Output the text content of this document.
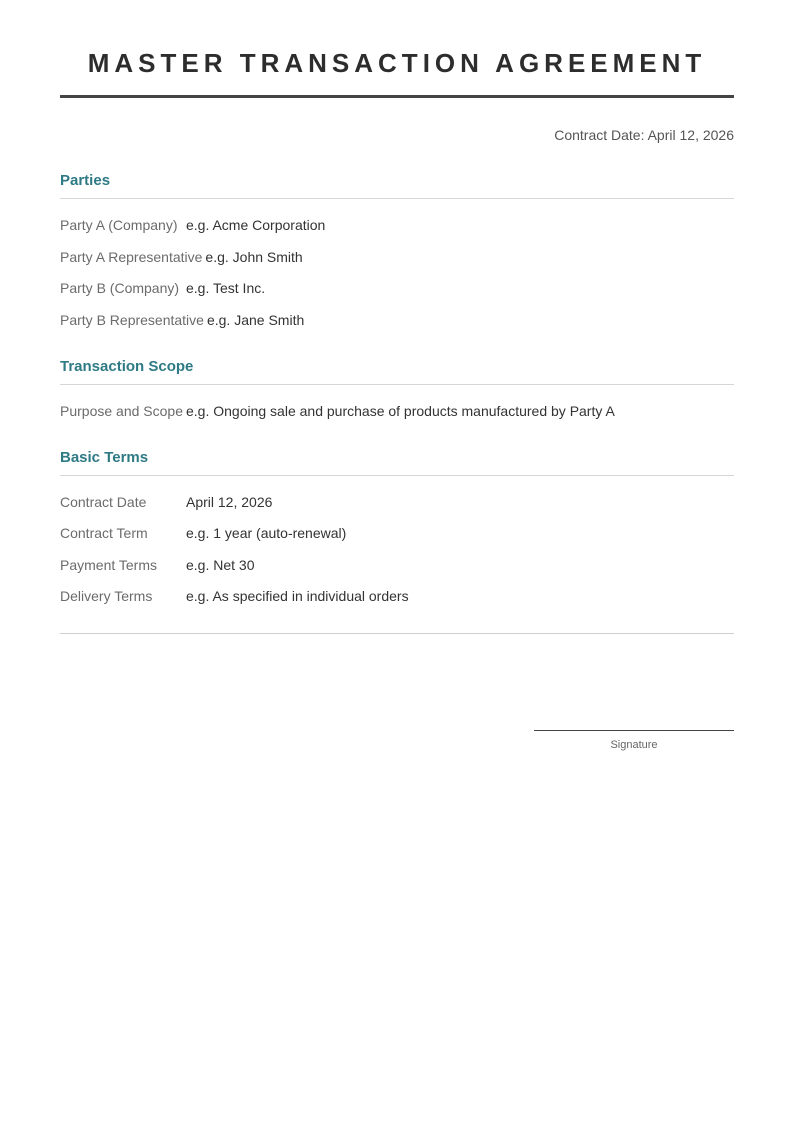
MASTER TRANSACTION AGREEMENT
Contract Date: April 12, 2026
Parties
Party A (Company) e.g. Acme Corporation
Party A Representative e.g. John Smith
Party B (Company) e.g. Test Inc.
Party B Representative e.g. Jane Smith
Transaction Scope
Purpose and Scope e.g. Ongoing sale and purchase of products manufactured by Party A
Basic Terms
Contract Date	April 12, 2026
Contract Term	e.g. 1 year (auto-renewal)
Payment Terms	e.g. Net 30
Delivery Terms	e.g. As specified in individual orders
Signature
